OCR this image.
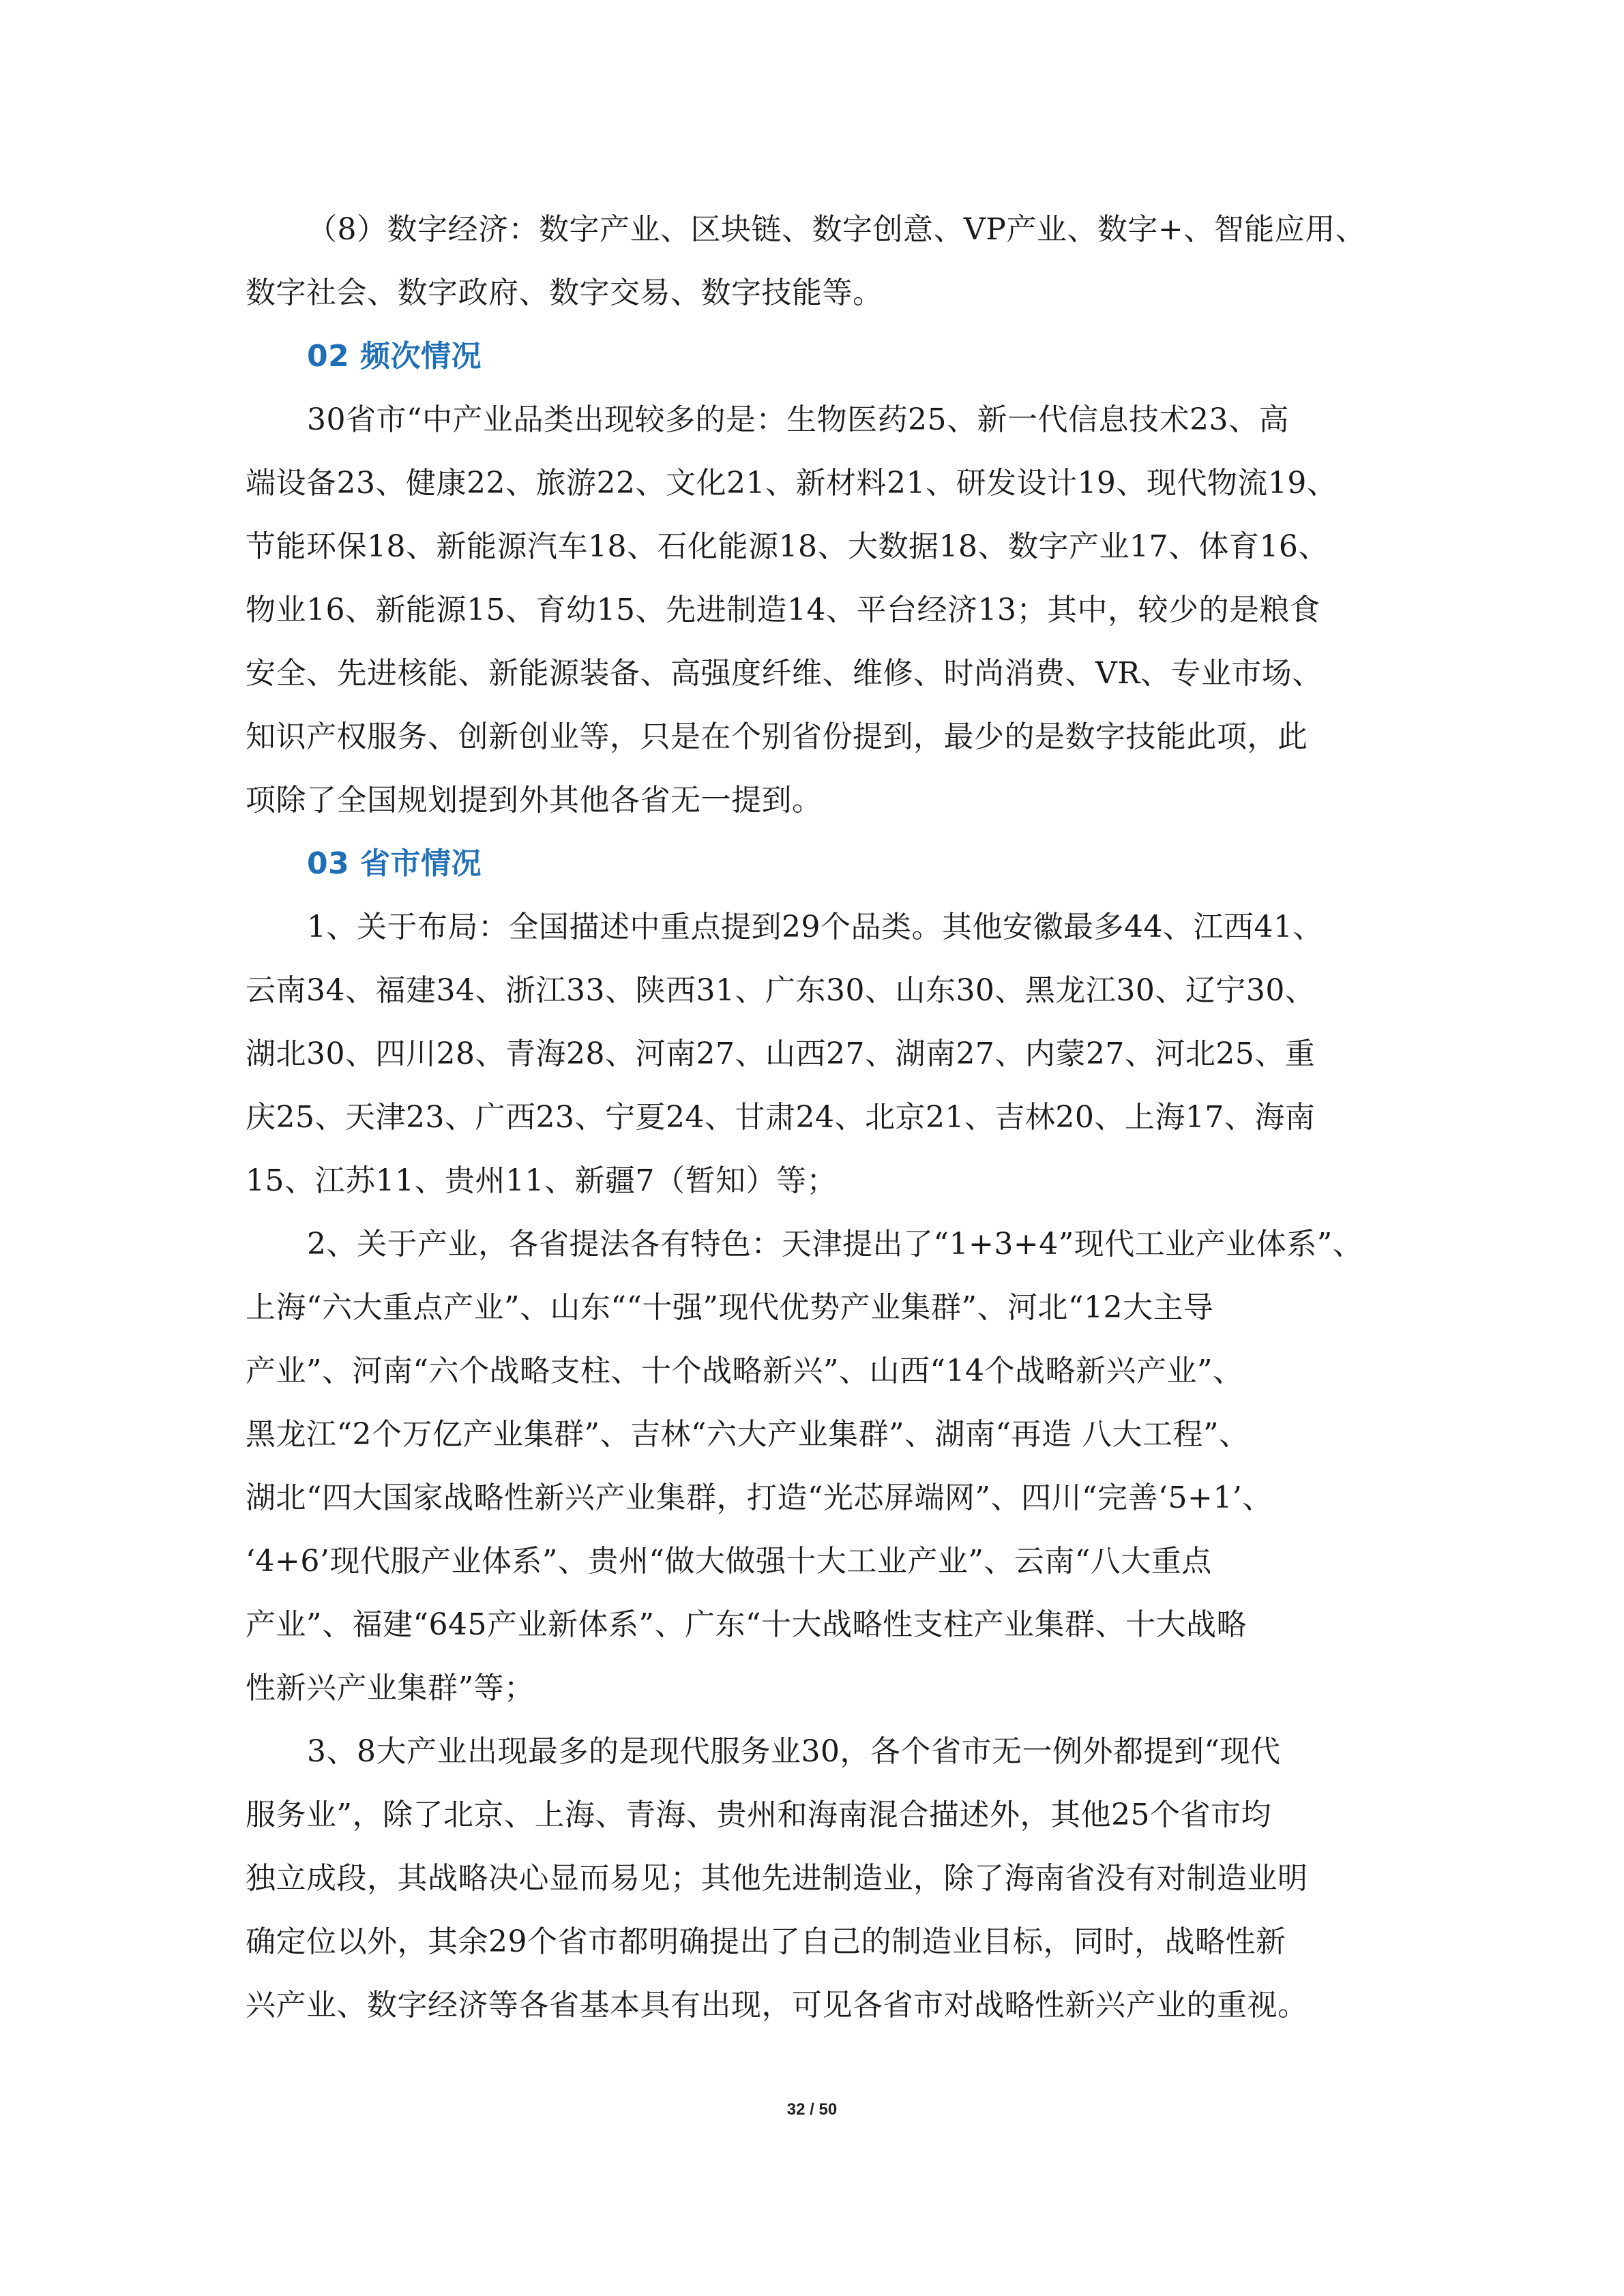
（8）数字经济：数字产业、区块链、数字创意、VP产业、数字+、智能应用、
数字社会、数字政府、数字交易、数字技能等。
02 频次情况
30省市“中产业品类出现较多的是：生物医药25、新一代信息技术23、高
端设备23、健康22、旅游22、文化21、新材料21、研发设计19、现代物流19、
节能环保18、新能源汽车18、石化能源18、大数据18、数字产业17、体育16、
物业16、新能源15、育幼15、先进制造14、平台经济13；其中，较少的是粮食
安全、先进核能、新能源装备、高强度纤维、维修、时尚消费、VR、专业市场、
知识产权服务、创新创业等，只是在个别省份提到，最少的是数字技能此项，此
项除了全国规划提到外其他各省无一提到。
03 省市情况
1、关于布局：全国描述中重点提到29个品类。其他安徽最多44、江西41、
云南34、福建34、浙江33、陕西31、广东30、山东30、黑龙江30、辽宁30、
湖北30、四川28、青海28、河南27、山西27、湖南27、内蒙27、河北25、重
庆25、天津23、广西23、宁夏24、甘肃24、北京21、吉林20、上海17、海南
15、江苏11、贵州11、新疆7（暂知）等；
2、关于产业，各省提法各有特色：天津提出了“1+3+4”现代工业产业体系”、
上海“六大重点产业”、山东““十强”现代优势产业集群”、河北“12大主导
产业”、河南“六个战略支柱、十个战略新兴”、山西“14个战略新兴产业”、
黑龙江“2个万亿产业集群”、吉林“六大产业集群”、湖南“再造 八大工程”、
湖北“四大国家战略性新兴产业集群，打造“光芯屏端网”、四川“完善‘5+1’、
‘4+6’现代服产业体系”、贵州“做大做强十大工业产业”、云南“八大重点
产业”、福建“645产业新体系”、广东“十大战略性支柱产业集群、十大战略
性新兴产业集群”等；
3、8大产业出现最多的是现代服务业30，各个省市无一例外都提到“现代
服务业”，除了北京、上海、青海、贵州和海南混合描述外，其他25个省市均
独立成段，其战略决心显而易见；其他先进制造业，除了海南省没有对制造业明
确定位以外，其余29个省市都明确提出了自己的制造业目标，同时，战略性新
兴产业、数字经济等各省基本具有出现，可见各省市对战略性新兴产业的重视。
32 / 50
